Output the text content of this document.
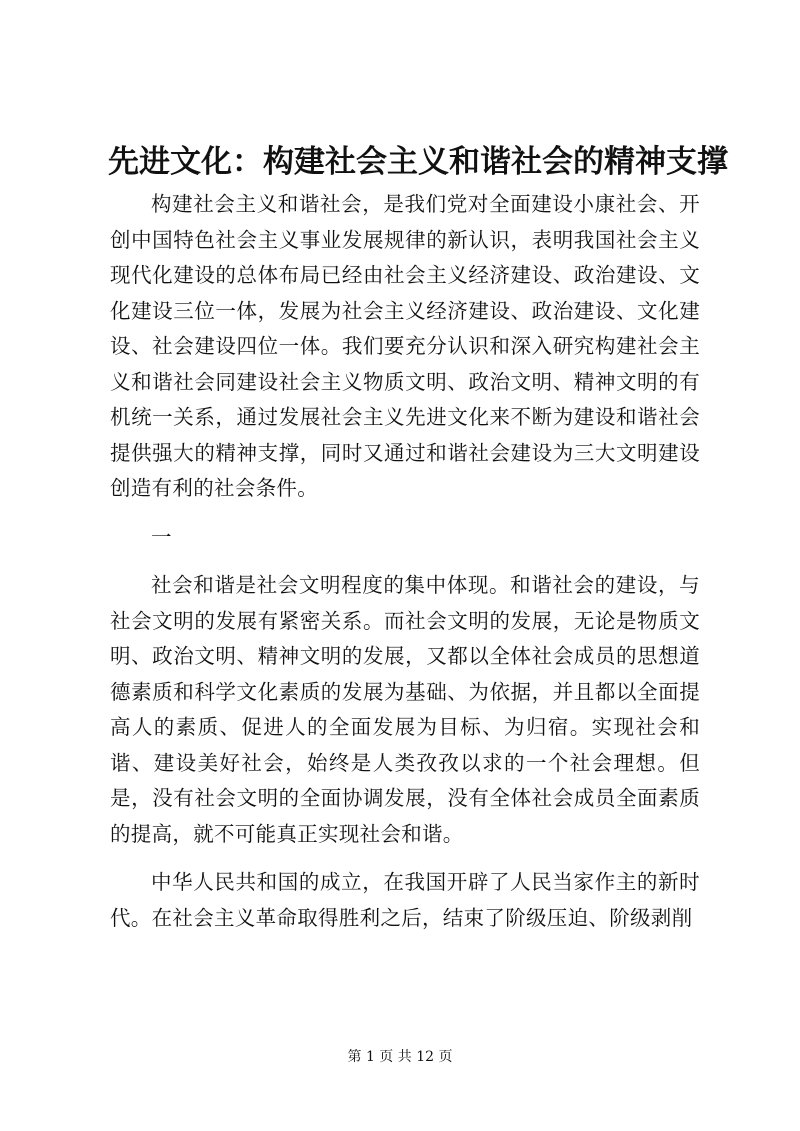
先进文化：构建社会主义和谐社会的精神支撑

构建社会主义和谐社会，是我们党对全面建设小康社会、开创中国特色社会主义事业发展规律的新认识，表明我国社会主义现代化建设的总体布局已经由社会主义经济建设、政治建设、文化建设三位一体，发展为社会主义经济建设、政治建设、文化建设、社会建设四位一体。我们要充分认识和深入研究构建社会主义和谐社会同建设社会主义物质文明、政治文明、精神文明的有机统一关系，通过发展社会主义先进文化来不断为建设和谐社会提供强大的精神支撑，同时又通过和谐社会建设为三大文明建设创造有利的社会条件。

一

社会和谐是社会文明程度的集中体现。和谐社会的建设，与社会文明的发展有紧密关系。而社会文明的发展，无论是物质文明、政治文明、精神文明的发展，又都以全体社会成员的思想道德素质和科学文化素质的发展为基础、为依据，并且都以全面提高人的素质、促进人的全面发展为目标、为归宿。实现社会和谐、建设美好社会，始终是人类孜孜以求的一个社会理想。但是，没有社会文明的全面协调发展，没有全体社会成员全面素质的提高，就不可能真正实现社会和谐。

中华人民共和国的成立，在我国开辟了人民当家作主的新时代。在社会主义革命取得胜利之后，结束了阶级压迫、阶级剥削

第 1 页 共 12 页
